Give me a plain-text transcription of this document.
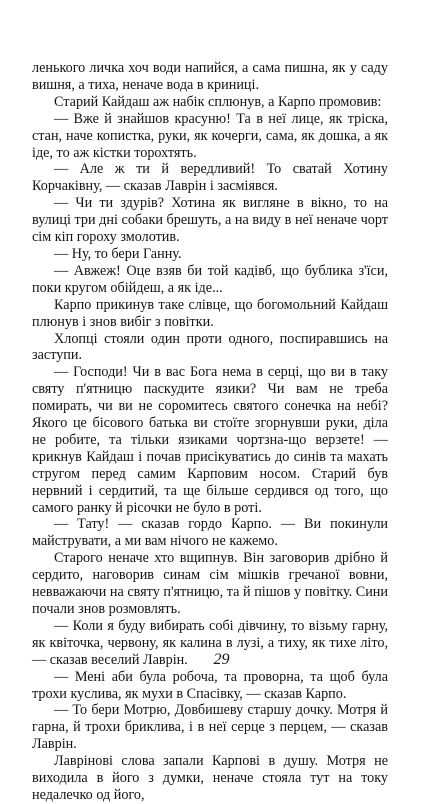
ленького личка хоч води напийся, а сама пишна, як у саду вишня, а тиха, неначе вода в криниці.

Старий Кайдаш аж набік сплюнув, а Карпо промовив:

— Вже й знайшов красуню! Та в неї лице, як тріска, стан, наче копистка, руки, як кочерги, сама, як дошка, а як іде, то аж кістки торохтять.

— Але ж ти й вередливий! То сватай Хотину Корчаківну, — сказав Лаврін і засміявся.

— Чи ти здурів? Хотина як вигляне в вікно, то на вулиці три дні собаки брешуть, а на виду в неї неначе чорт сім кіп гороху змолотив.

— Ну, то бери Ганну.

— Авжеж! Оце взяв би той кадівб, що бублика з'їси, поки кругом обійдеш, а як іде...

Карпо прикинув таке слівце, що богомольний Кайдаш плюнув і знов вибіг з повітки.

Хлопці стояли один проти одного, поспиравшись на заступи.

— Господи! Чи в вас Бога нема в серці, що ви в таку святу п'ятницю паскудите язики? Чи вам не треба помирать, чи ви не соромитесь святого сонечка на небі? Якого це бісового батька ви стоїте згорнувши руки, діла не робите, та тільки язиками чортзна-що верзете! — крикнув Кайдаш і почав присікуватись до синів та махать стругом перед самим Карповим носом. Старий був нервний і сердитий, та ще більше сердився од того, що самого ранку й рісочки не було в роті.

— Тату! — сказав гордо Карпо. — Ви покинули майструвати, а ми вам нічого не кажемо.

Старого неначе хто вщипнув. Він заговорив дрібно й сердито, наговорив синам сім мішків гречаної вовни, невважаючи на святу п'ятницю, та й пішов у повітку. Сини почали знов розмовлять.

— Коли я буду вибирать собі дівчину, то візьму гарну, як квіточка, червону, як калина в лузі, а тиху, як тихе літо, — сказав веселий Лаврін.

— Мені аби була робоча, та проворна, та щоб була трохи куслива, як мухи в Спасівку, — сказав Карпо.

— То бери Мотрю, Довбишеву старшу дочку. Мотря й гарна, й трохи бриклива, і в неї серце з перцем, — сказав Лаврін.

Лаврінові слова запали Карпові в душу. Мотря не виходила в його з думки, неначе стояла тут на току недалечко од його,

29
